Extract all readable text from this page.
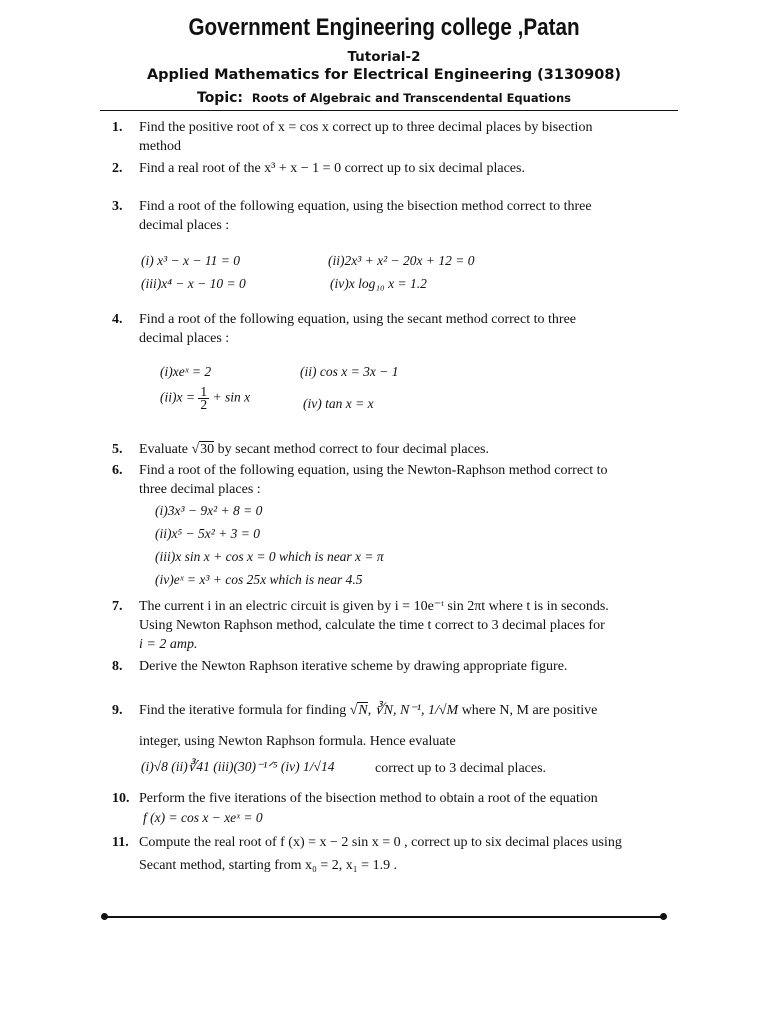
Government Engineering college ,Patan
Tutorial-2
Applied Mathematics for Electrical Engineering (3130908)
Topic: Roots of Algebraic and Transcendental Equations
1.	Find the positive root of x = cos x correct up to three decimal places by bisection
method
2.	Find a real root of the x³ + x − 1 = 0 correct up to six decimal places.
3.	Find a root of the following equation, using the bisection method correct to three
decimal places :
(i) x³ − x − 11 = 0	(ii)2x³ + x² − 20x + 12 = 0
(iii)x⁴ − x − 10 = 0	(iv)x log₁₀ x = 1.2
4.	Find a root of the following equation, using the secant method correct to three
decimal places :
(i)xeˣ = 2	(ii) cos x = 3x − 1
$(ii)x = \frac{1}{2} + \sin x$	(iv) tan x = x
5.	Evaluate √30 by secant method correct to four decimal places.
6.	Find a root of the following equation, using the Newton-Raphson method correct to
three decimal places :
(i)3x³ − 9x² + 8 = 0
(ii)x⁵ − 5x² + 3 = 0
(iii)x sin x + cos x = 0 which is near x = π
(iv)eˣ = x³ + cos 25x which is near 4.5
7.	The current i in an electric circuit is given by i = 10e⁻ᵗ sin 2πt where t is in seconds.
Using Newton Raphson method, calculate the time t correct to 3 decimal places for
i = 2 amp.
8.	Derive the Newton Raphson iterative scheme by drawing appropriate figure.
9.	Find the iterative formula for finding √N, ∛N, N⁻¹, 1/√M where N, M are positive
integer, using Newton Raphson formula. Hence evaluate
(i)√8 (ii)∛41 (iii)(30)⁻¹ᐟ⁵ (iv) 1/√14	correct up to 3 decimal places.
10. Perform the five iterations of the bisection method to obtain a root of the equation
f (x) = cos x − xeˣ = 0
11. Compute the real root of f (x) = x − 2 sin x = 0 , correct up to six decimal places using
Secant method, starting from x₀ = 2, x₁ = 1.9 .
